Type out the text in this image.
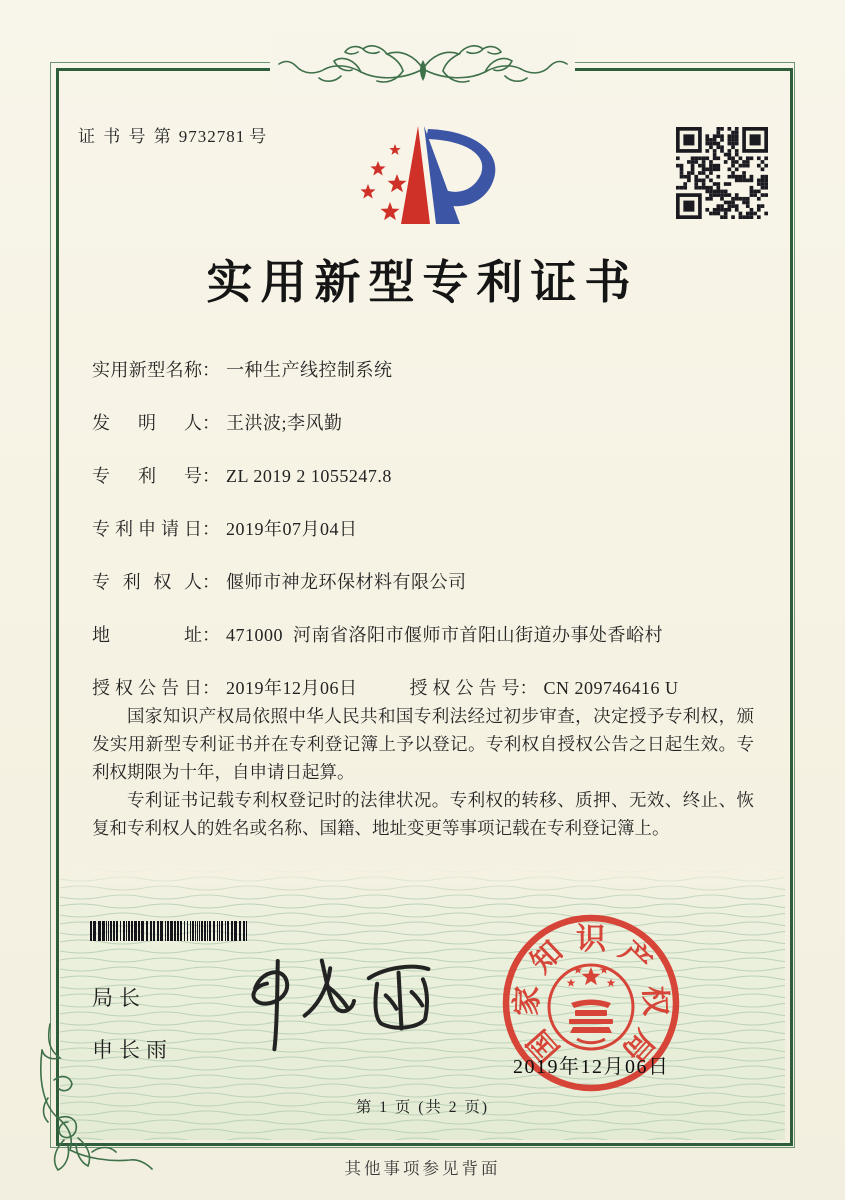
证 书 号 第 9732781 号
实用新型专利证书
实用新型名称 ： 一种生产线控制系统
发明人 ： 王洪波;李风勤
专利号 ： ZL 2019 2 1055247.8
专利申请日 ： 2019年07月04日
专利权人 ： 偃师市神龙环保材料有限公司
地址 ： 471000  河南省洛阳市偃师市首阳山街道办事处香峪村
授权公告日 ： 2019年12月06日	授权公告号 ： CN 209746416 U

国家知识产权局依照中华人民共和国专利法经过初步审查，决定授予专利权，颁发实用新型专利证书并在专利登记簿上予以登记。专利权自授权公告之日起生效。专利权期限为十年，自申请日起算。

专利证书记载专利权登记时的法律状况。专利权的转移、质押、无效、终止、恢复和专利权人的姓名或名称、国籍、地址变更等事项记载在专利登记簿上。

局长
申长雨	国
家
知 识 产
权
局
2019年12月06日
第 1 页 (共 2 页)
其他事项参见背面
